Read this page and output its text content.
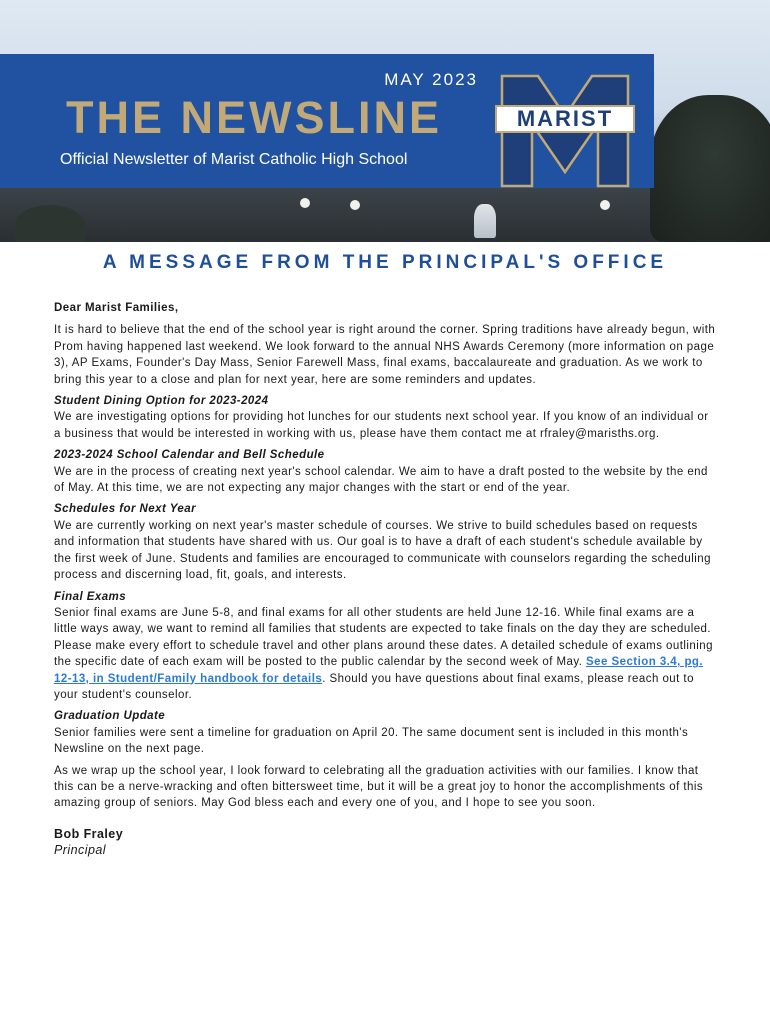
MAY 2023
THE NEWSLINE
Official Newsletter of Marist Catholic High School
MARIST
A MESSAGE FROM THE PRINCIPAL'S OFFICE

Dear Marist Families,

It is hard to believe that the end of the school year is right around the corner. Spring traditions have already begun, with Prom having happened last weekend. We look forward to the annual NHS Awards Ceremony (more information on page 3), AP Exams, Founder's Day Mass, Senior Farewell Mass, final exams, baccalaureate and graduation. As we work to bring this year to a close and plan for next year, here are some reminders and updates.

Student Dining Option for 2023-2024
We are investigating options for providing hot lunches for our students next school year. If you know of an individual or a business that would be interested in working with us, please have them contact me at rfraley@marisths.org.

2023-2024 School Calendar and Bell Schedule
We are in the process of creating next year's school calendar. We aim to have a draft posted to the website by the end of May. At this time, we are not expecting any major changes with the start or end of the year.

Schedules for Next Year
We are currently working on next year's master schedule of courses. We strive to build schedules based on requests and information that students have shared with us. Our goal is to have a draft of each student's schedule available by the first week of June. Students and families are encouraged to communicate with counselors regarding the scheduling process and discerning load, fit, goals, and interests.

Final Exams
Senior final exams are June 5-8, and final exams for all other students are held June 12-16. While final exams are a little ways away, we want to remind all families that students are expected to take finals on the day they are scheduled. Please make every effort to schedule travel and other plans around these dates. A detailed schedule of exams outlining the specific date of each exam will be posted to the public calendar by the second week of May. See Section 3.4, pg. 12-13, in Student/Family handbook for details. Should you have questions about final exams, please reach out to your student's counselor.

Graduation Update
Senior families were sent a timeline for graduation on April 20. The same document sent is included in this month's Newsline on the next page.

As we wrap up the school year, I look forward to celebrating all the graduation activities with our families. I know that this can be a nerve-wracking and often bittersweet time, but it will be a great joy to honor the accomplishments of this amazing group of seniors. May God bless each and every one of you, and I hope to see you soon.

Bob Fraley
Principal
